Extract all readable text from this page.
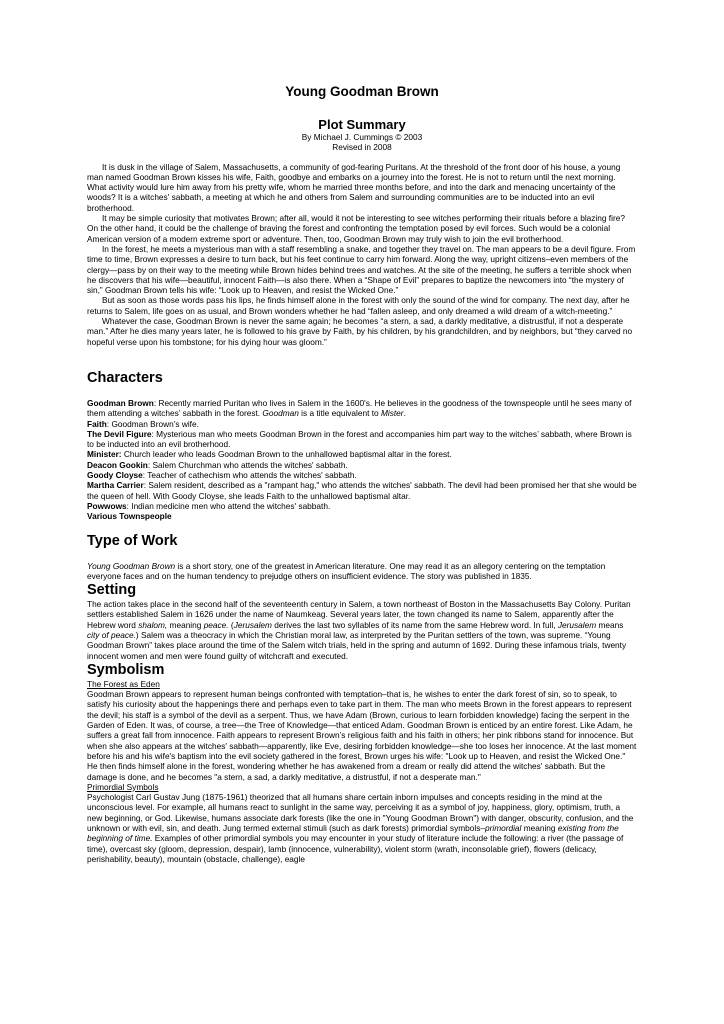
Young Goodman Brown
Plot Summary
By Michael J. Cummings © 2003
Revised in 2008

It is dusk in the village of Salem, Massachusetts, a community of god-fearing Puritans. At the threshold of the front door of his house, a young man named Goodman Brown kisses his wife, Faith, goodbye and embarks on a journey into the forest. He is not to return until the next morning. What activity would lure him away from his pretty wife, whom he married three months before, and into the dark and menacing uncertainty of the woods? It is a witches' sabbath, a meeting at which he and others from Salem and surrounding communities are to be inducted into an evil brotherhood.

It may be simple curiosity that motivates Brown; after all, would it not be interesting to see witches performing their rituals before a blazing fire? On the other hand, it could be the challenge of braving the forest and confronting the temptation posed by evil forces. Such would be a colonial American version of a modern extreme sport or adventure. Then, too, Goodman Brown may truly wish to join the evil brotherhood.

In the forest, he meets a mysterious man with a staff resembling a snake, and together they travel on. The man appears to be a devil figure. From time to time, Brown expresses a desire to turn back, but his feet continue to carry him forward. Along the way, upright citizens–even members of the clergy—pass by on their way to the meeting while Brown hides behind trees and watches. At the site of the meeting, he suffers a terrible shock when he discovers that his wife—beautiful, innocent Faith—is also there. When a “Shape of Evil” prepares to baptize the newcomers into “the mystery of sin,” Goodman Brown tells his wife: “Look up to Heaven, and resist the Wicked One.”

But as soon as those words pass his lips, he finds himself alone in the forest with only the sound of the wind for company. The next day, after he returns to Salem, life goes on as usual, and Brown wonders whether he had “fallen asleep, and only dreamed a wild dream of a witch-meeting.”

Whatever the case, Goodman Brown is never the same again; he becomes “a stern, a sad, a darkly meditative, a distrustful, if not a desperate man.” After he dies many years later, he is followed to his grave by Faith, by his children, by his grandchildren, and by neighbors, but “they carved no hopeful verse upon his tombstone; for his dying hour was gloom.”

Characters

Goodman Brown: Recently married Puritan who lives in Salem in the 1600's. He believes in the goodness of the townspeople until he sees many of them attending a witches’ sabbath in the forest. Goodman is a title equivalent to Mister.

Faith: Goodman Brown’s wife.

The Devil Figure: Mysterious man who meets Goodman Brown in the forest and accompanies him part way to the witches’ sabbath, where Brown is to be inducted into an evil brotherhood.

Minister: Church leader who leads Goodman Brown to the unhallowed baptismal altar in the forest.

Deacon Gookin: Salem Churchman who attends the witches' sabbath.

Goody Cloyse: Teacher of cathechism who attends the witches' sabbath.

Martha Carrier: Salem resident, described as a "rampant hag," who attends the witches' sabbath. The devil had been promised her that she would be the queen of hell. With Goody Cloyse, she leads Faith to the unhallowed baptismal altar.

Powwows: Indian medicine men who attend the witches' sabbath.

Various Townspeople

Type of Work

Young Goodman Brown is a short story, one of the greatest in American literature. One may read it as an allegory centering on the temptation everyone faces and on the human tendency to prejudge others on insufficient evidence. The story was published in 1835.

Setting

The action takes place in the second half of the seventeenth century in Salem, a town northeast of Boston in the Massachusetts Bay Colony. Puritan settlers established Salem in 1626 under the name of Naumkeag. Several years later, the town changed its name to Salem, apparently after the Hebrew word shalom, meaning peace. (Jerusalem derives the last two syllables of its name from the same Hebrew word. In full, Jerusalem means city of peace.) Salem was a theocracy in which the Christian moral law, as interpreted by the Puritan settlers of the town, was supreme. “Young Goodman Brown” takes place around the time of the Salem witch trials, held in the spring and autumn of 1692. During these infamous trials, twenty innocent women and men were found guilty of witchcraft and executed.

Symbolism

The Forest as Eden

Goodman Brown appears to represent human beings confronted with temptation–that is, he wishes to enter the dark forest of sin, so to speak, to satisfy his curiosity about the happenings there and perhaps even to take part in them. The man who meets Brown in the forest appears to represent the devil; his staff is a symbol of the devil as a serpent. Thus, we have Adam (Brown, curious to learn forbidden knowledge) facing the serpent in the Garden of Eden. It was, of course, a tree—the Tree of Knowledge—that enticed Adam. Goodman Brown is enticed by an entire forest. Like Adam, he suffers a great fall from innocence. Faith appears to represent Brown’s religious faith and his faith in others; her pink ribbons stand for innocence. But when she also appears at the witches' sabbath—apparently, like Eve, desiring forbidden knowledge—she too loses her innocence. At the last moment before his and his wife's baptism into the evil society gathered in the forest, Brown urges his wife: "Look up to Heaven, and resist the Wicked One." He then finds himself alone in the forest, wondering whether he has awakened from a dream or really did attend the witches' sabbath. But the damage is done, and he becomes "a stern, a sad, a darkly meditative, a distrustful, if not a desperate man."

Primordial Symbols

Psychologist Carl Gustav Jung (1875-1961) theorized that all humans share certain inborn impulses and concepts residing in the mind at the unconscious level. For example, all humans react to sunlight in the same way, perceiving it as a symbol of joy, happiness, glory, optimism, truth, a new beginning, or God. Likewise, humans associate dark forests (like the one in "Young Goodman Brown") with danger, obscurity, confusion, and the unknown or with evil, sin, and death. Jung termed external stimuli (such as dark forests) primordial symbols–primordial meaning existing from the beginning of time. Examples of other primordial symbols you may encounter in your study of literature include the following: a river (the passage of time), overcast sky (gloom, depression, despair), lamb (innocence, vulnerability), violent storm (wrath, inconsolable grief), flowers (delicacy, perishability, beauty), mountain (obstacle, challenge), eagle
